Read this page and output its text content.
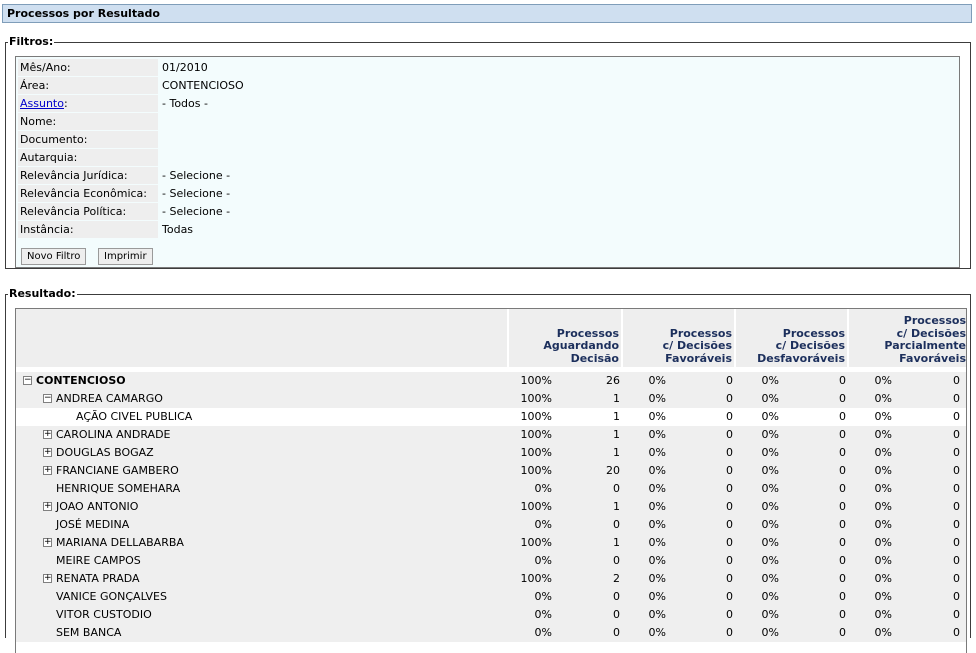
Processos por Resultado
Filtros:
Instância:	Todas
Relevância Política:	- Selecione -
Relevância Econômica:	- Selecione -
Relevância Jurídica:	- Selecione -
Autarquia:
Documento:
Nome:
Assunto:	- Todos -
Área:	CONTENCIOSO
Mês/Ano:	01/2010
Novo Filtro	Imprimir
Resultado:
Processos
Aguardando
Decisão
Processos
c/ Decisões
Favoráveis
Processos
c/ Decisões
Desfavoráveis
Processos
c/ Decisões
Parcialmente
Favoráveis
− CONTENCIOSO	100%	26	0%	0	0%	0	0%	0
− ANDREA CAMARGO	100%	1	0%	0	0%	0	0%	0
AÇÃO CIVEL PUBLICA	100%	1	0%	0	0%	0	0%	0
+ CAROLINA ANDRADE	100%	1	0%	0	0%	0	0%	0
+ DOUGLAS BOGAZ	100%	1	0%	0	0%	0	0%	0
+ FRANCIANE GAMBERO	100%	20	0%	0	0%	0	0%	0
HENRIQUE SOMEHARA	0%	0	0%	0	0%	0	0%	0
+ JOAO ANTONIO	100%	1	0%	0	0%	0	0%	0
JOSÉ MEDINA	0%	0	0%	0	0%	0	0%	0
+ MARIANA DELLABARBA	100%	1	0%	0	0%	0	0%	0
MEIRE CAMPOS	0%	0	0%	0	0%	0	0%	0
+ RENATA PRADA	100%	2	0%	0	0%	0	0%	0
VANICE GONÇALVES	0%	0	0%	0	0%	0	0%	0
VITOR CUSTODIO	0%	0	0%	0	0%	0	0%	0
SEM BANCA	0%	0	0%	0	0%	0	0%	0
